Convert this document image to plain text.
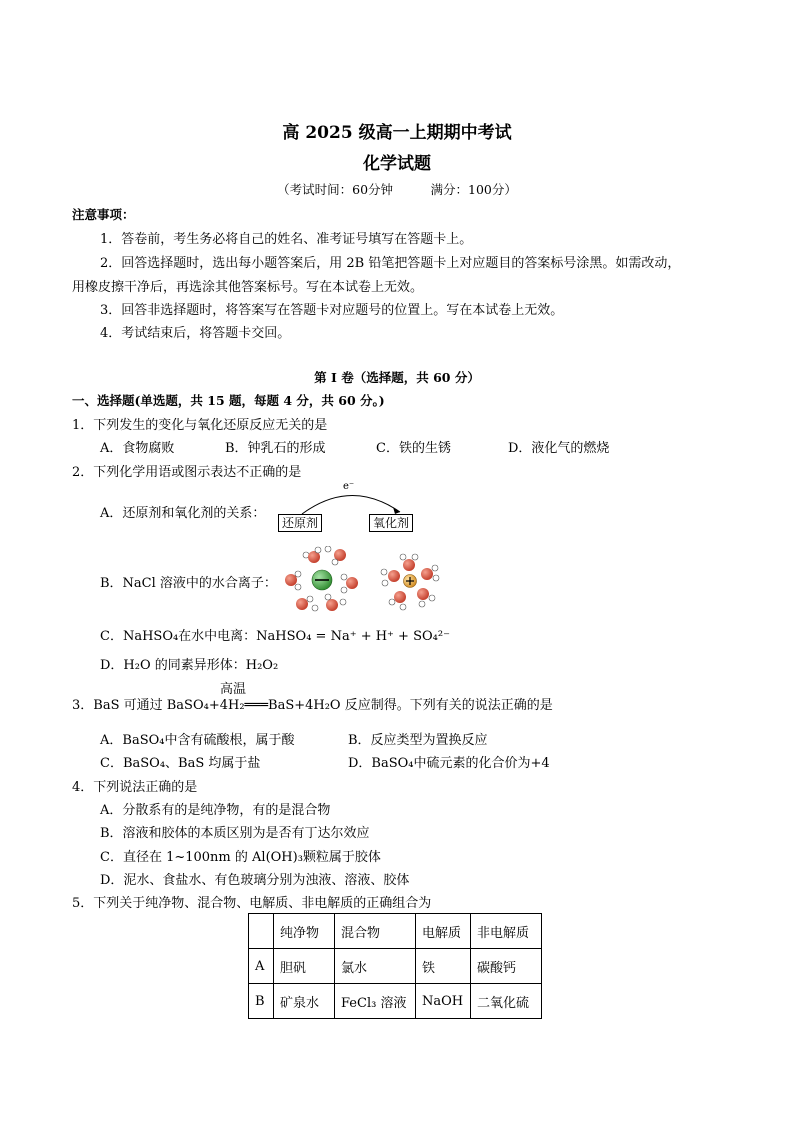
高 2025 级高一上期期中考试
化学试题
（考试时间：60分钟　　　满分：100分）
注意事项：
1．答卷前，考生务必将自己的姓名、准考证号填写在答题卡上。
2．回答选择题时，选出每小题答案后，用 2B 铅笔把答题卡上对应题目的答案标号涂黑。如需改动，
用橡皮擦干净后，再选涂其他答案标号。写在本试卷上无效。
3．回答非选择题时，将答案写在答题卡对应题号的位置上。写在本试卷上无效。
4．考试结束后，将答题卡交回。
第 Ⅰ 卷（选择题，共 60 分）
一、选择题(单选题，共 15 题，每题 4 分，共 60 分。)
1．下列发生的变化与氧化还原反应无关的是
A．食物腐败	B．钟乳石的形成	C．铁的生锈	D．液化气的燃烧
2．下列化学用语或图示表达不正确的是
A．还原剂和氧化剂的关系：
e⁻
还原剂	氧化剂
B．NaCl 溶液中的水合离子：
C．NaHSO₄在水中电离：NaHSO₄ = Na⁺ + H⁺ + SO₄²⁻
D．H₂O 的同素异形体：H₂O₂
高温
3．BaS 可通过 BaSO₄+4H₂═══BaS+4H₂O 反应制得。下列有关的说法正确的是
A．BaSO₄中含有硫酸根，属于酸	B．反应类型为置换反应
C．BaSO₄、BaS 均属于盐	D．BaSO₄中硫元素的化合价为+4
4．下列说法正确的是
A．分散系有的是纯净物，有的是混合物
B．溶液和胶体的本质区别为是否有丁达尔效应
C．直径在 1~100nm 的 Al(OH)₃颗粒属于胶体
D．泥水、食盐水、有色玻璃分别为浊液、溶液、胶体
5．下列关于纯净物、混合物、电解质、非电解质的正确组合为
	纯净物	混合物	电解质	非电解质
A	胆矾	氯水	铁	碳酸钙
B	矿泉水	FeCl₃ 溶液	NaOH	二氧化硫
